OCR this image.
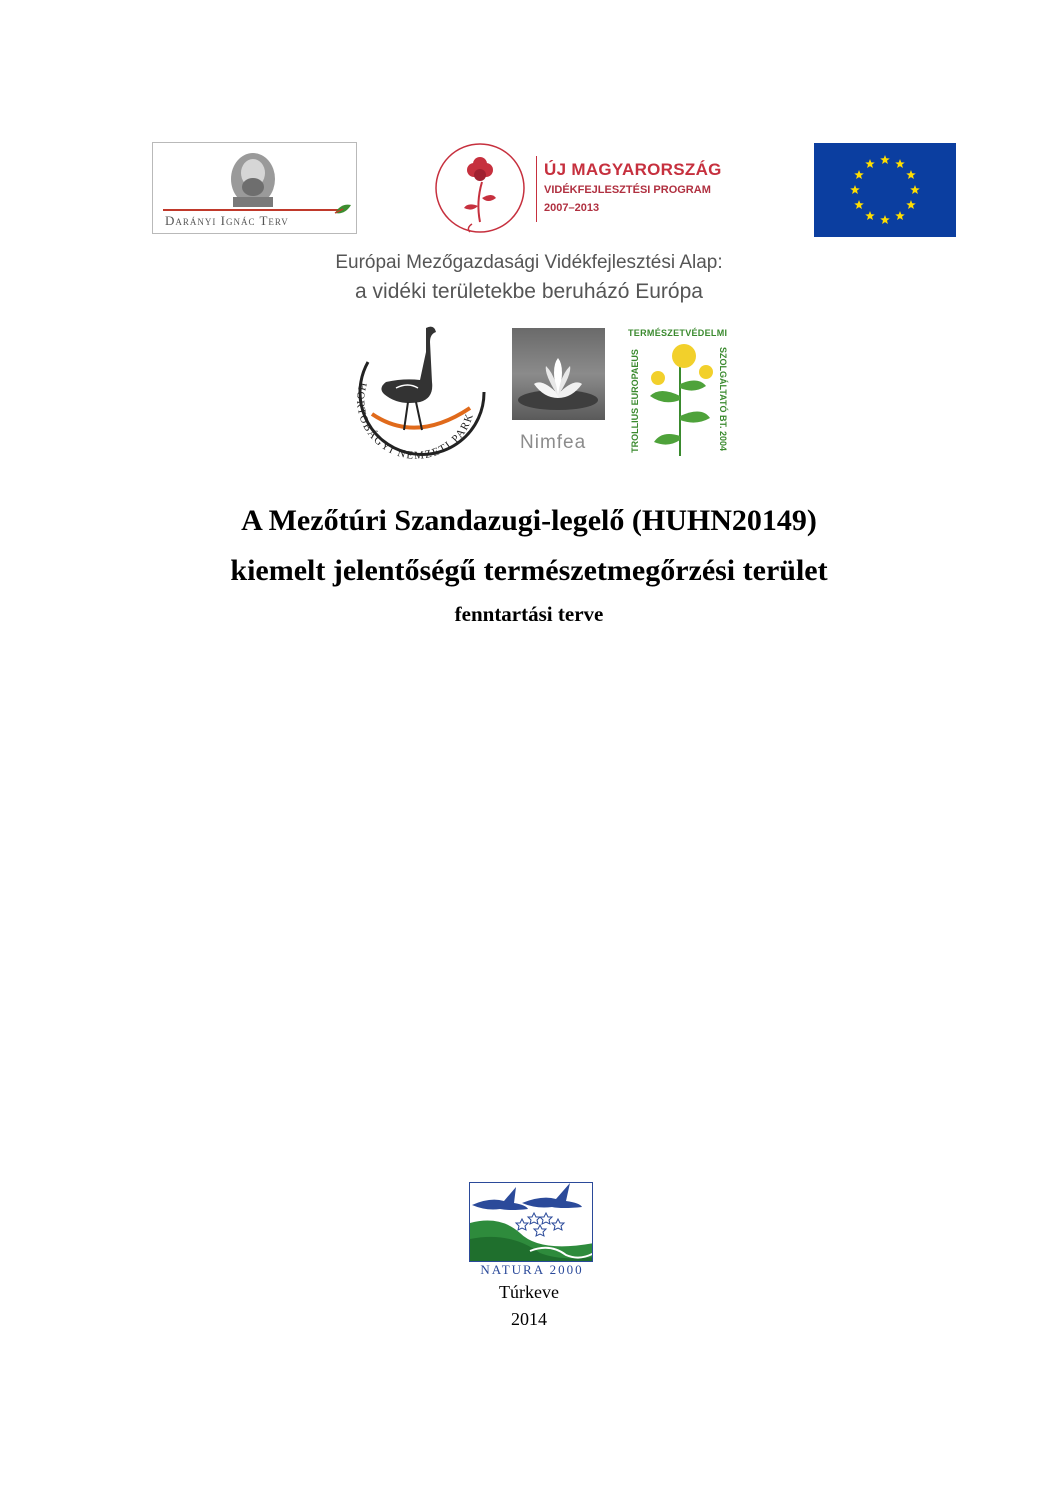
Darányi Ignác Terv
ÚJ MAGYARORSZÁG
VIDÉKFEJLESZTÉSI PROGRAM
2007–2013
Európai Mezőgazdasági Vidékfejlesztési Alap:
a vidéki területekbe beruházó Európa
HORTOBÁGYI NEMZETI PARK
Nimfea
TERMÉSZETVÉDELMI
TROLLIUS EUROPAEUS	SZOLGÁLTATÓ BT. 2004
A Mezőtúri Szandazugi-legelő (HUHN20149)
kiemelt jelentőségű természetmegőrzési terület
fenntartási terve
NATURA 2000
Túrkeve
2014
